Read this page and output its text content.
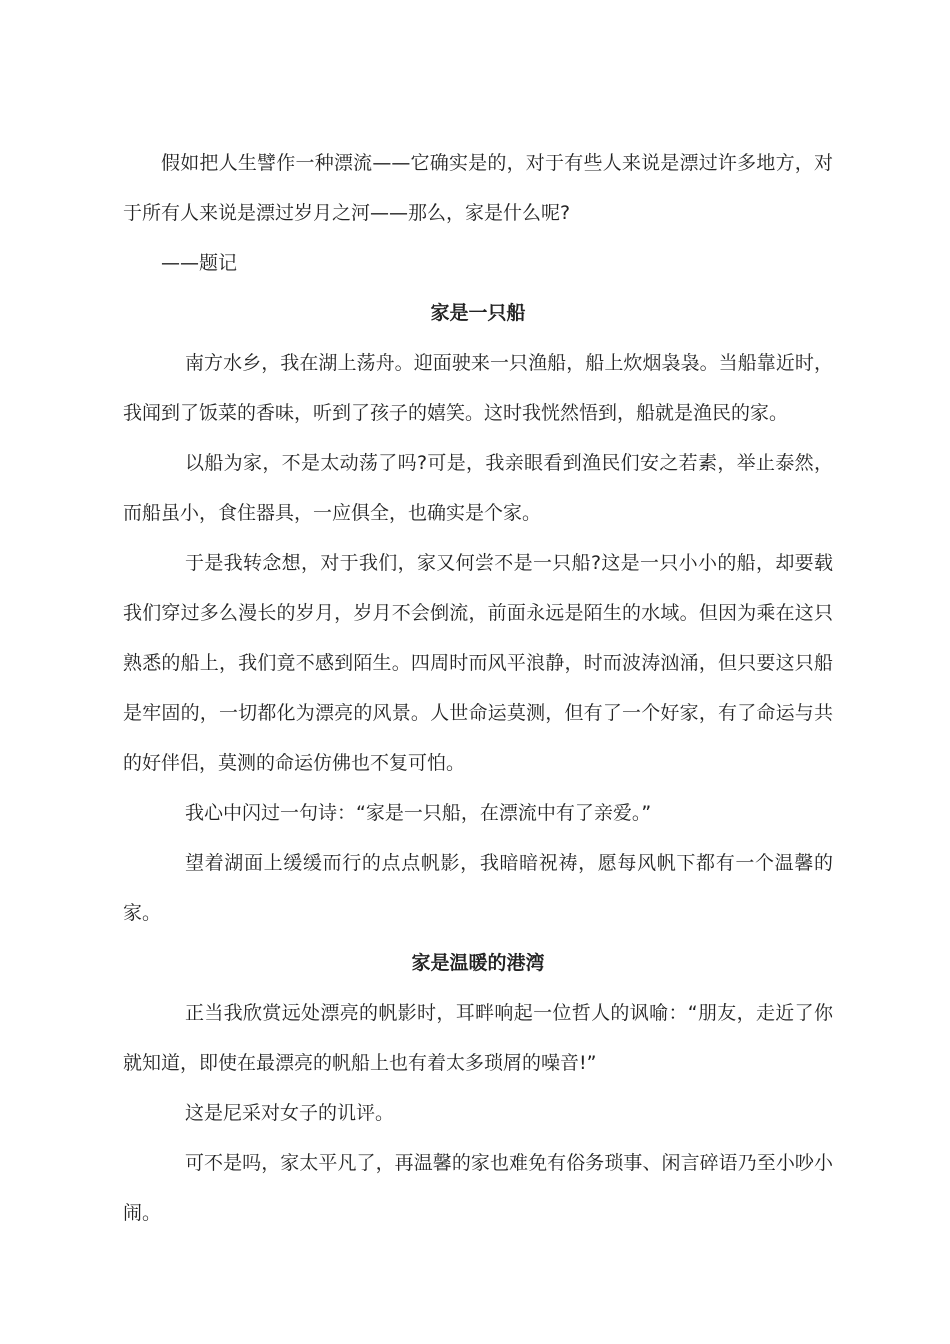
假如把人生譬作一种漂流——它确实是的，对于有些人来说是漂过许多地方，对于所有人来说是漂过岁月之河——那么，家是什么呢?

——题记

家是一只船

南方水乡，我在湖上荡舟。迎面驶来一只渔船，船上炊烟袅袅。当船靠近时，我闻到了饭菜的香味，听到了孩子的嬉笑。这时我恍然悟到，船就是渔民的家。

以船为家，不是太动荡了吗?可是，我亲眼看到渔民们安之若素，举止泰然，而船虽小，食住器具，一应俱全，也确实是个家。

于是我转念想，对于我们，家又何尝不是一只船?这是一只小小的船，却要载我们穿过多么漫长的岁月，岁月不会倒流，前面永远是陌生的水域。但因为乘在这只熟悉的船上，我们竟不感到陌生。四周时而风平浪静，时而波涛汹涌，但只要这只船是牢固的，一切都化为漂亮的风景。人世命运莫测，但有了一个好家，有了命运与共的好伴侣，莫测的命运仿佛也不复可怕。

我心中闪过一句诗：“家是一只船，在漂流中有了亲爱。”

望着湖面上缓缓而行的点点帆影，我暗暗祝祷，愿每风帆下都有一个温馨的家。

家是温暖的港湾

正当我欣赏远处漂亮的帆影时，耳畔响起一位哲人的讽喻：“朋友，走近了你就知道，即使在最漂亮的帆船上也有着太多琐屑的噪音!”

这是尼采对女子的讥评。

可不是吗，家太平凡了，再温馨的家也难免有俗务琐事、闲言碎语乃至小吵小闹。
